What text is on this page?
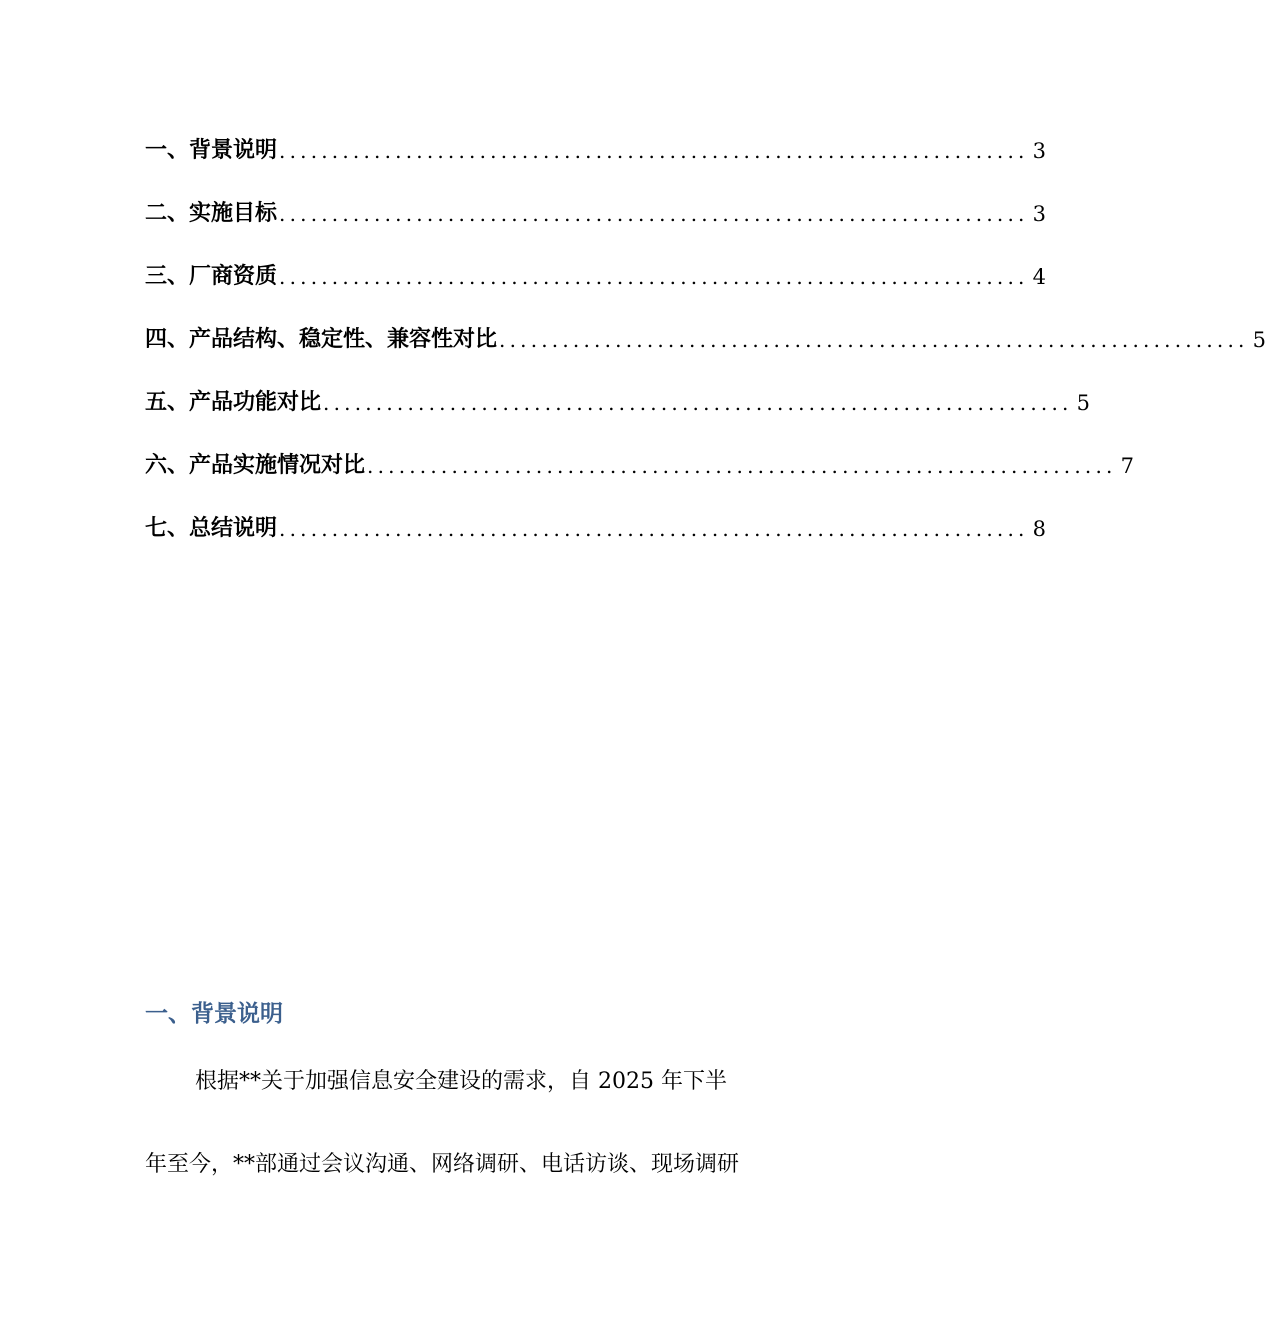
一、背景说明 ....................................................................... 3
二、实施目标 ....................................................................... 3
三、厂商资质 ....................................................................... 4
四、产品结构、稳定性、兼容性对比 ....................................................................... 5
五、产品功能对比 ....................................................................... 5
六、产品实施情况对比 ....................................................................... 7
七、总结说明 ....................................................................... 8
一、背景说明
根据**关于加强信息安全建设的需求，自 2025 年下半
年至今，**部通过会议沟通、网络调研、电话访谈、现场调研
